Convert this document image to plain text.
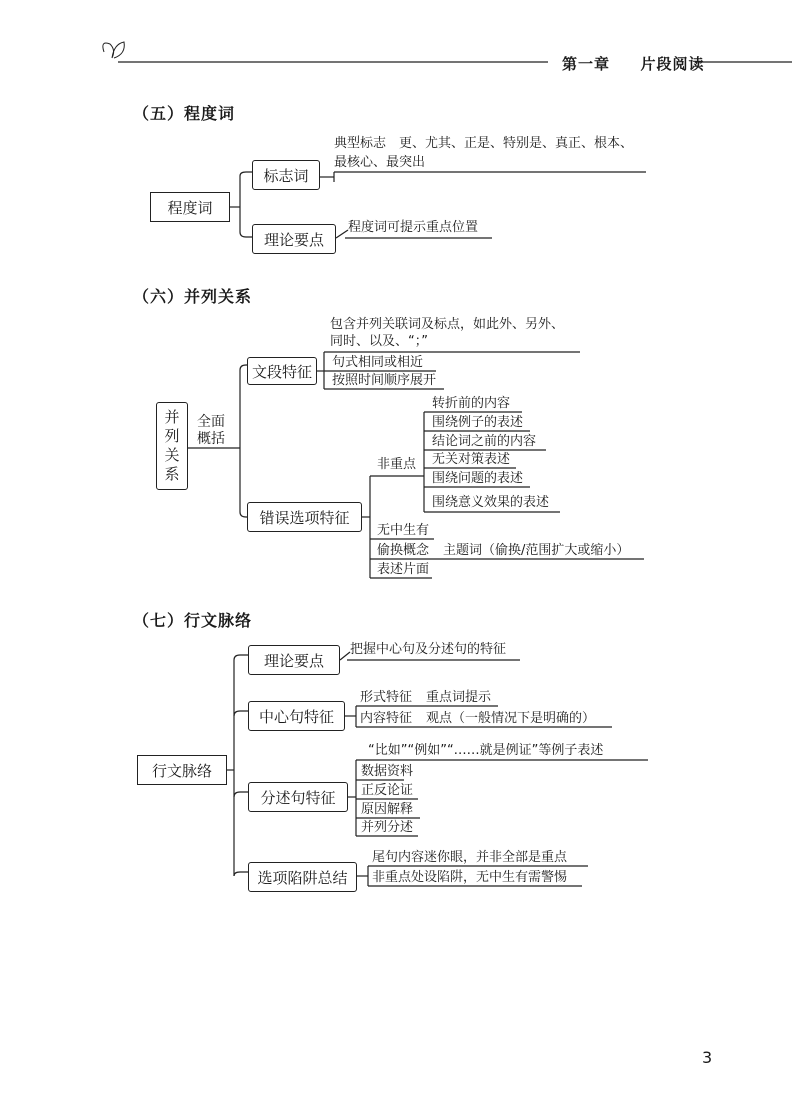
第一章 片段阅读
（五）程度词
程度词
标志词
典型标志　更、尤其、正是、特别是、真正、根本、
最核心、最突出
理论要点
程度词可提示重点位置
（六）并列关系
并
列
关
系
全面
概括
文段特征
包含并列关联词及标点，如此外、另外、
同时、以及、“；”
句式相同或相近
按照时间顺序展开
错误选项特征
非重点
转折前的内容
围绕例子的表述
结论词之前的内容
无关对策表述
围绕问题的表述
围绕意义效果的表述
无中生有
偷换概念 主题词（偷换/范围扩大或缩小）
表述片面
（七）行文脉络
行文脉络
理论要点
把握中心句及分述句的特征
中心句特征
形式特征 重点词提示
内容特征 观点（一般情况下是明确的）
分述句特征
“比如”“例如”“……就是例证”等例子表述
数据资料
正反论证
原因解释
并列分述
选项陷阱总结
尾句内容迷你眼，并非全部是重点
非重点处设陷阱，无中生有需警惕
3
